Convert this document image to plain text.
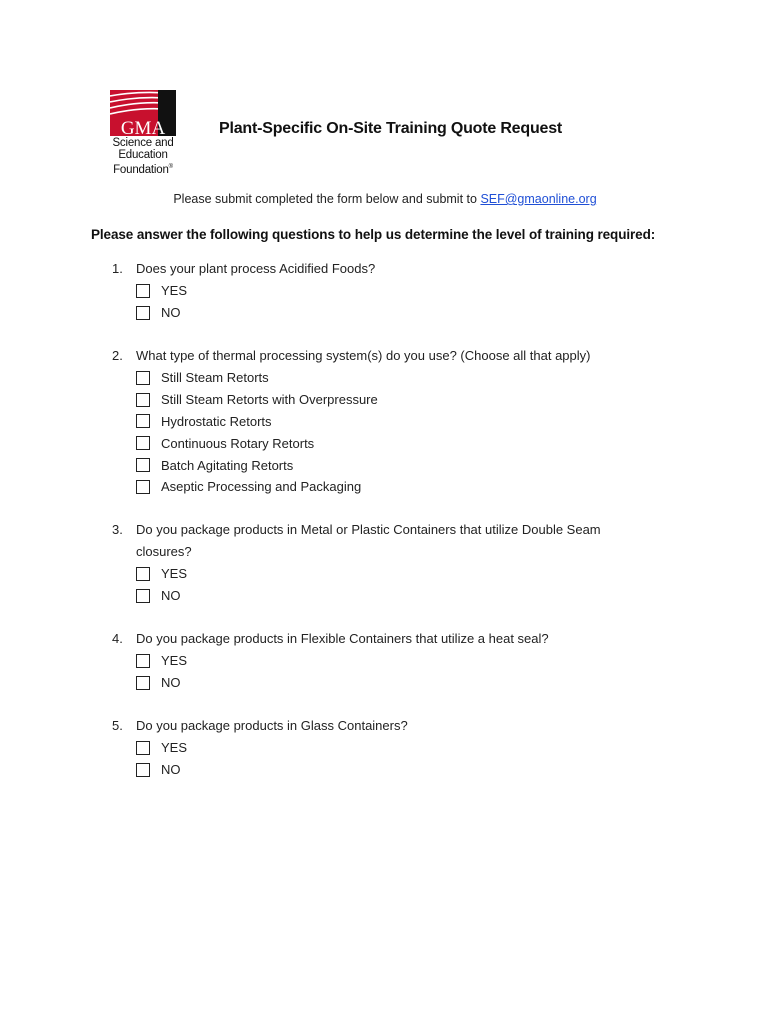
GMA
Science and
Education
Foundation®
Plant-Specific On-Site Training Quote Request
Please submit completed the form below and submit to SEF@gmaonline.org
Please answer the following questions to help us determine the level of training required:
1.	Does your plant process Acidified Foods?
YES
NO
2.	What type of thermal processing system(s) do you use? (Choose all that apply)
Still Steam Retorts
Still Steam Retorts with Overpressure
Hydrostatic Retorts
Continuous Rotary Retorts
Batch Agitating Retorts
Aseptic Processing and Packaging
3.	Do you package products in Metal or Plastic Containers that utilize Double Seam closures?
YES
NO
4.	Do you package products in Flexible Containers that utilize a heat seal?
YES
NO
5.	Do you package products in Glass Containers?
YES
NO
